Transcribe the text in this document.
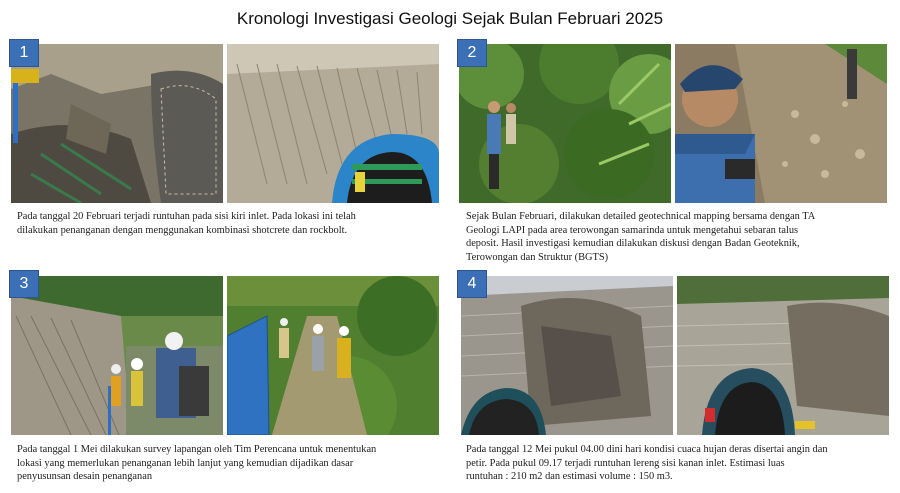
Kronologi Investigasi Geologi Sejak Bulan Februari 2025
1
Pada tanggal 20 Februari terjadi runtuhan pada sisi kiri inlet. Pada lokasi ini telah
dilakukan penanganan dengan menggunakan kombinasi shotcrete dan rockbolt.
2
Sejak Bulan Februari, dilakukan detailed geotechnical mapping bersama dengan TA
Geologi LAPI pada area terowongan samarinda untuk mengetahui sebaran talus
deposit. Hasil investigasi kemudian dilakukan diskusi dengan Badan Geoteknik,
Terowongan dan Struktur (BGTS)
3
Pada tanggal 1 Mei dilakukan survey lapangan oleh Tim Perencana untuk menentukan
lokasi yang memerlukan penanganan lebih lanjut yang kemudian dijadikan dasar
penyusunsan desain penanganan
4
Pada tanggal 12 Mei pukul 04.00 dini hari kondisi cuaca hujan deras disertai angin dan
petir. Pada pukul 09.17 terjadi runtuhan lereng sisi kanan inlet. Estimasi luas
runtuhan : 210 m2 dan estimasi volume : 150 m3.
